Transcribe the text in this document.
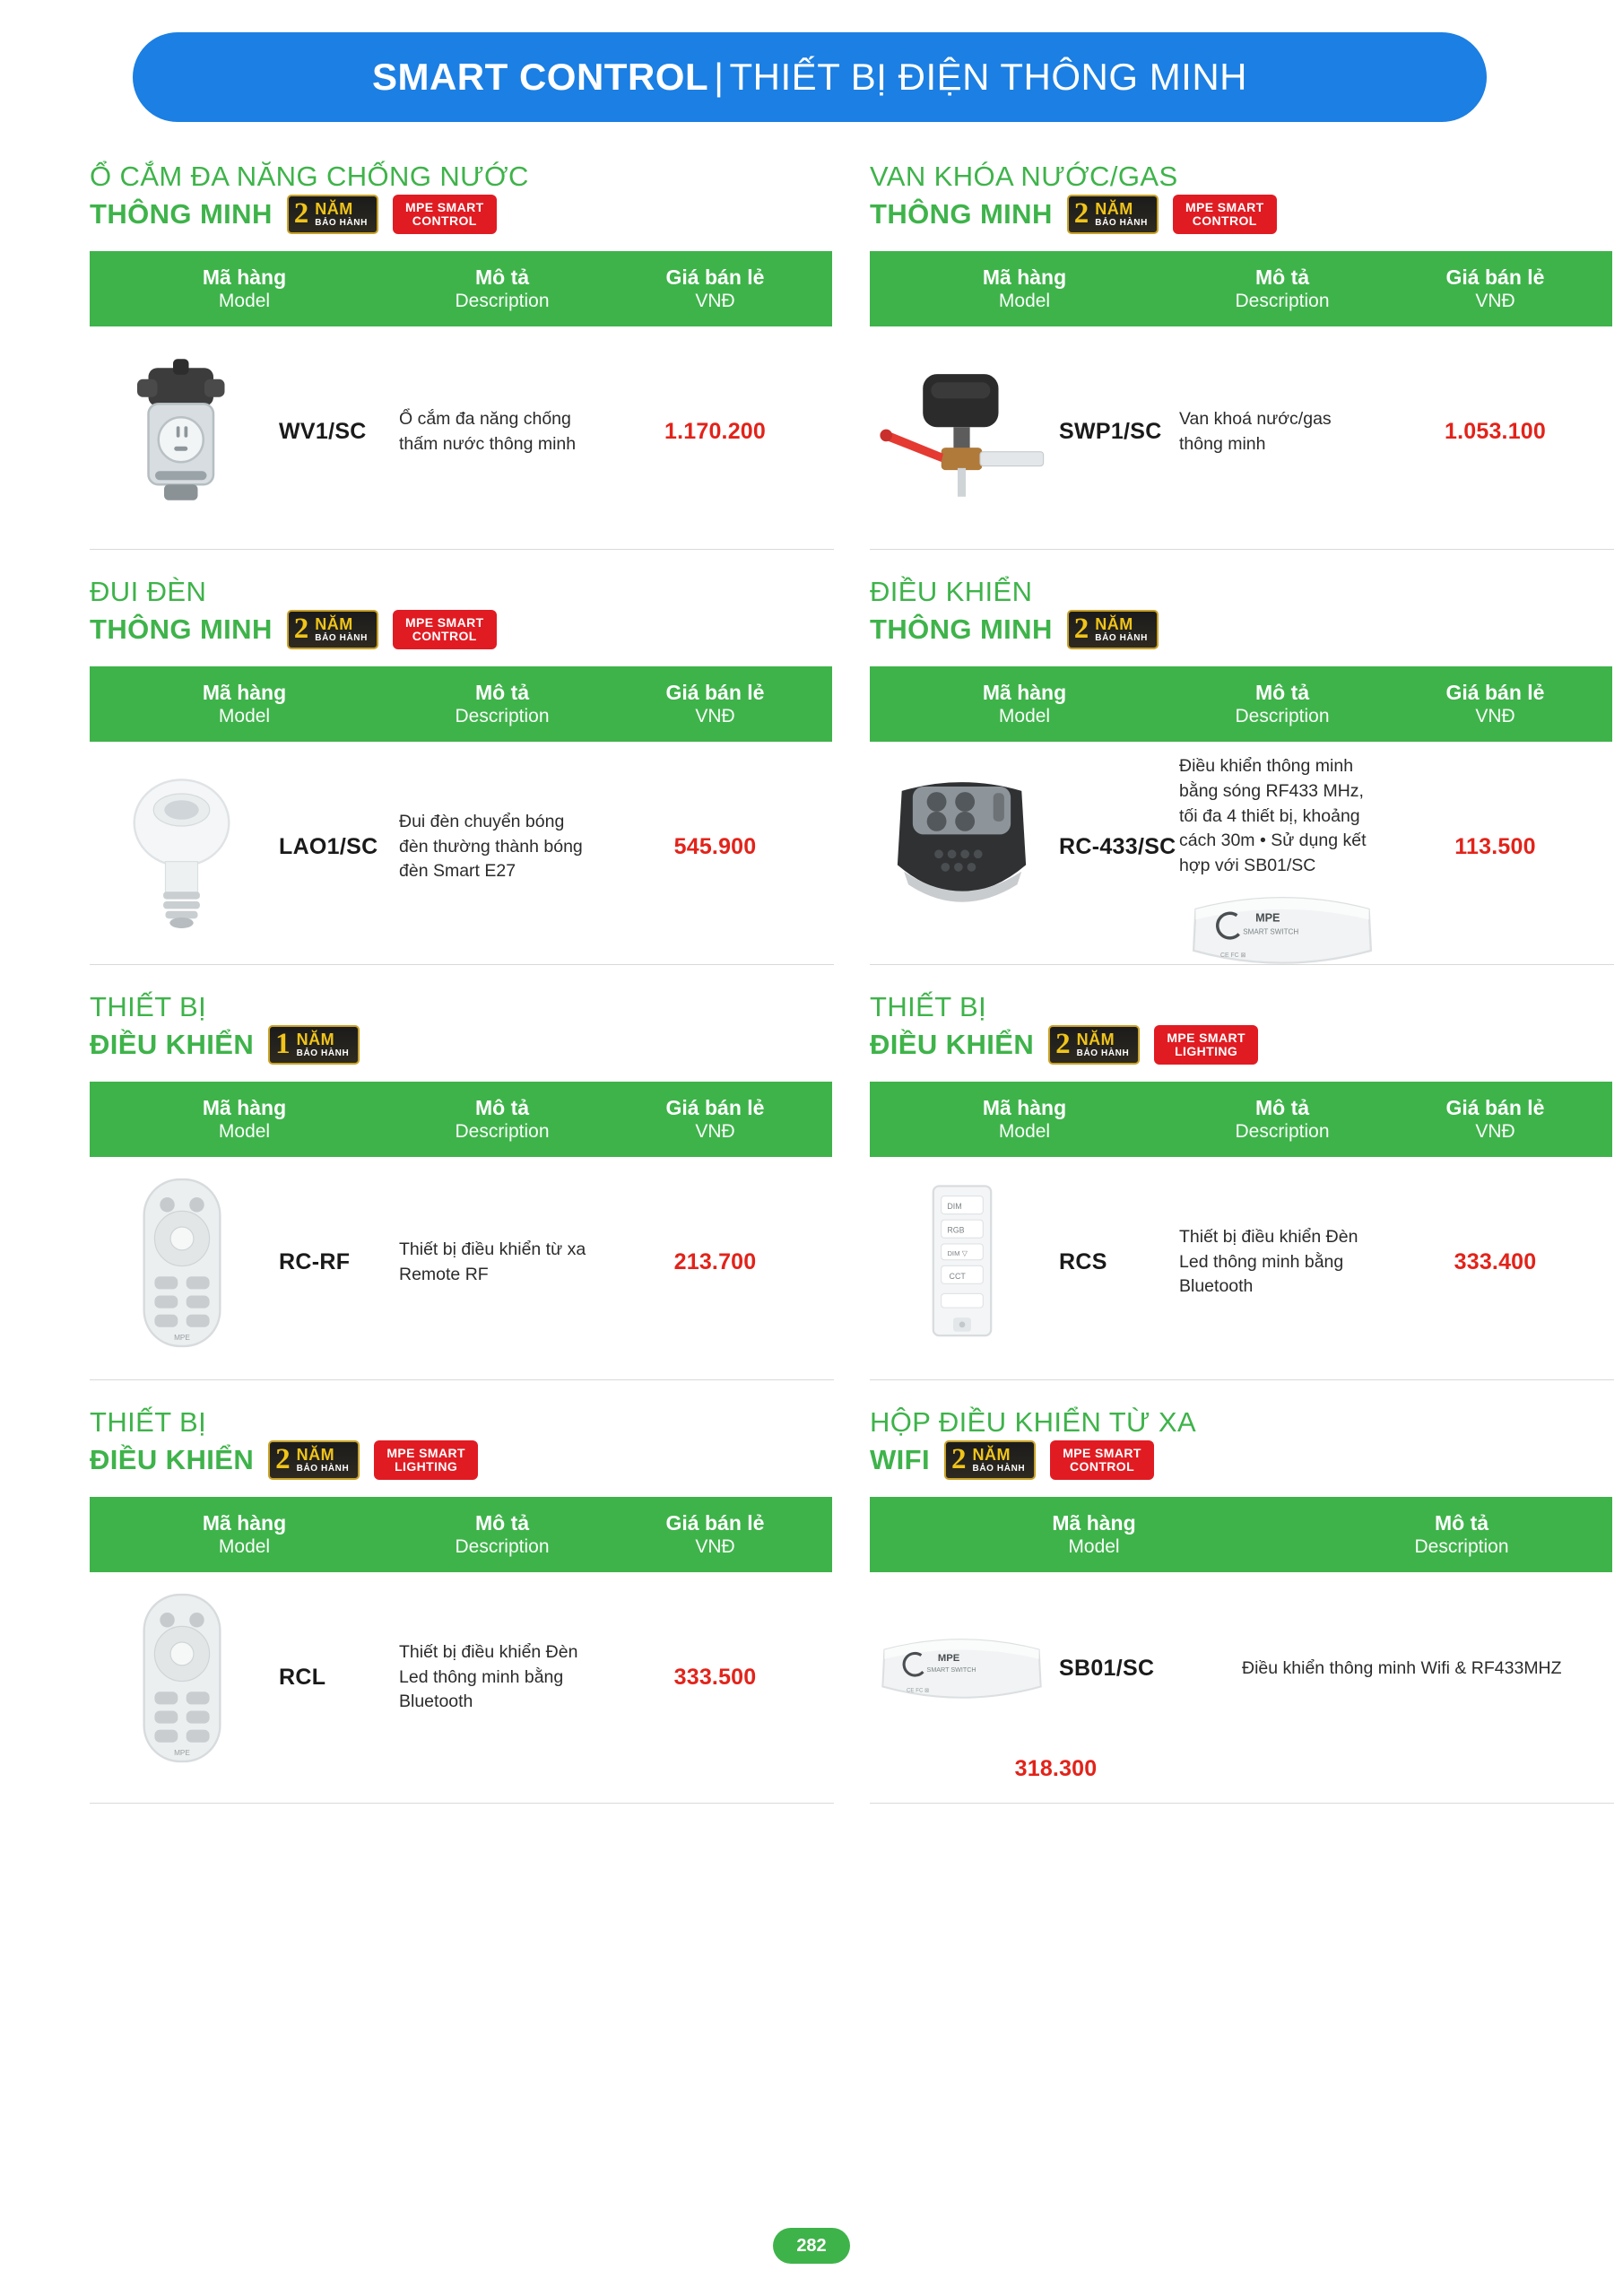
SMART CONTROL | THIẾT BỊ ĐIỆN THÔNG MINH
Ổ CẮM ĐA NĂNG CHỐNG NƯỚC
THÔNG MINH 2 NĂM
BẢO HÀNH
MPE SMART
CONTROL
Mã hàng
Model
Mô tả
Description
Giá bán lẻ
VNĐ
WV1/SC
Ổ cắm đa năng chống thấm nước thông minh	1.170.200
VAN KHÓA NƯỚC/GAS
THÔNG MINH 2 NĂM
BẢO HÀNH
MPE SMART
CONTROL
Mã hàng
Model
Mô tả
Description
Giá bán lẻ
VNĐ
SWP1/SC
Van khoá nước/gas thông minh	1.053.100
ĐUI ĐÈN
THÔNG MINH 2 NĂM
BẢO HÀNH
MPE SMART
CONTROL
Mã hàng
Model
Mô tả
Description
Giá bán lẻ
VNĐ
LAO1/SC
Đui đèn chuyển bóng đèn thường thành bóng đèn Smart E27
545.900
ĐIỀU KHIỂN
THÔNG MINH 2 NĂM
BẢO HÀNH
Mã hàng
Model
Mô tả
Description
Giá bán lẻ
VNĐ
RC-433/SC
Điều khiển thông minh bằng sóng RF433 MHz, tối đa 4 thiết bị, khoảng cách 30m • Sử dụng kết hợp với SB01/SC
MPE
SMART SWITCH
CE FC ⊠
113.500
THIẾT BỊ
ĐIỀU KHIỂN 1 NĂM
BẢO HÀNH
Mã hàng
Model
Mô tả
Description
Giá bán lẻ
VNĐ
MPE
RC-RF
Thiết bị điều khiển từ xa Remote RF	213.700
THIẾT BỊ
ĐIỀU KHIỂN 2 NĂM
BẢO HÀNH
MPE SMART
LIGHTING
Mã hàng
Model
Mô tả
Description
Giá bán lẻ
VNĐ
DIM
RGB
DIM ▽
CCT
RCS
Thiết bị điều khiển Đèn Led thông minh bằng Bluetooth
333.400
THIẾT BỊ
ĐIỀU KHIỂN 2 NĂM
BẢO HÀNH
MPE SMART
LIGHTING
Mã hàng
Model
Mô tả
Description
Giá bán lẻ
VNĐ
MPE
RCL
Thiết bị điều khiển Đèn Led thông minh bằng Bluetooth
333.500
HỘP ĐIỀU KHIỂN TỪ XA
WIFI 2 NĂM
BẢO HÀNH
MPE SMART
CONTROL
Mã hàng
Model
Mô tả
Description
MPE
SMART SWITCH
CE FC ⊠
SB01/SC	Điều khiển thông minh Wifi & RF433MHZ
318.300
282
